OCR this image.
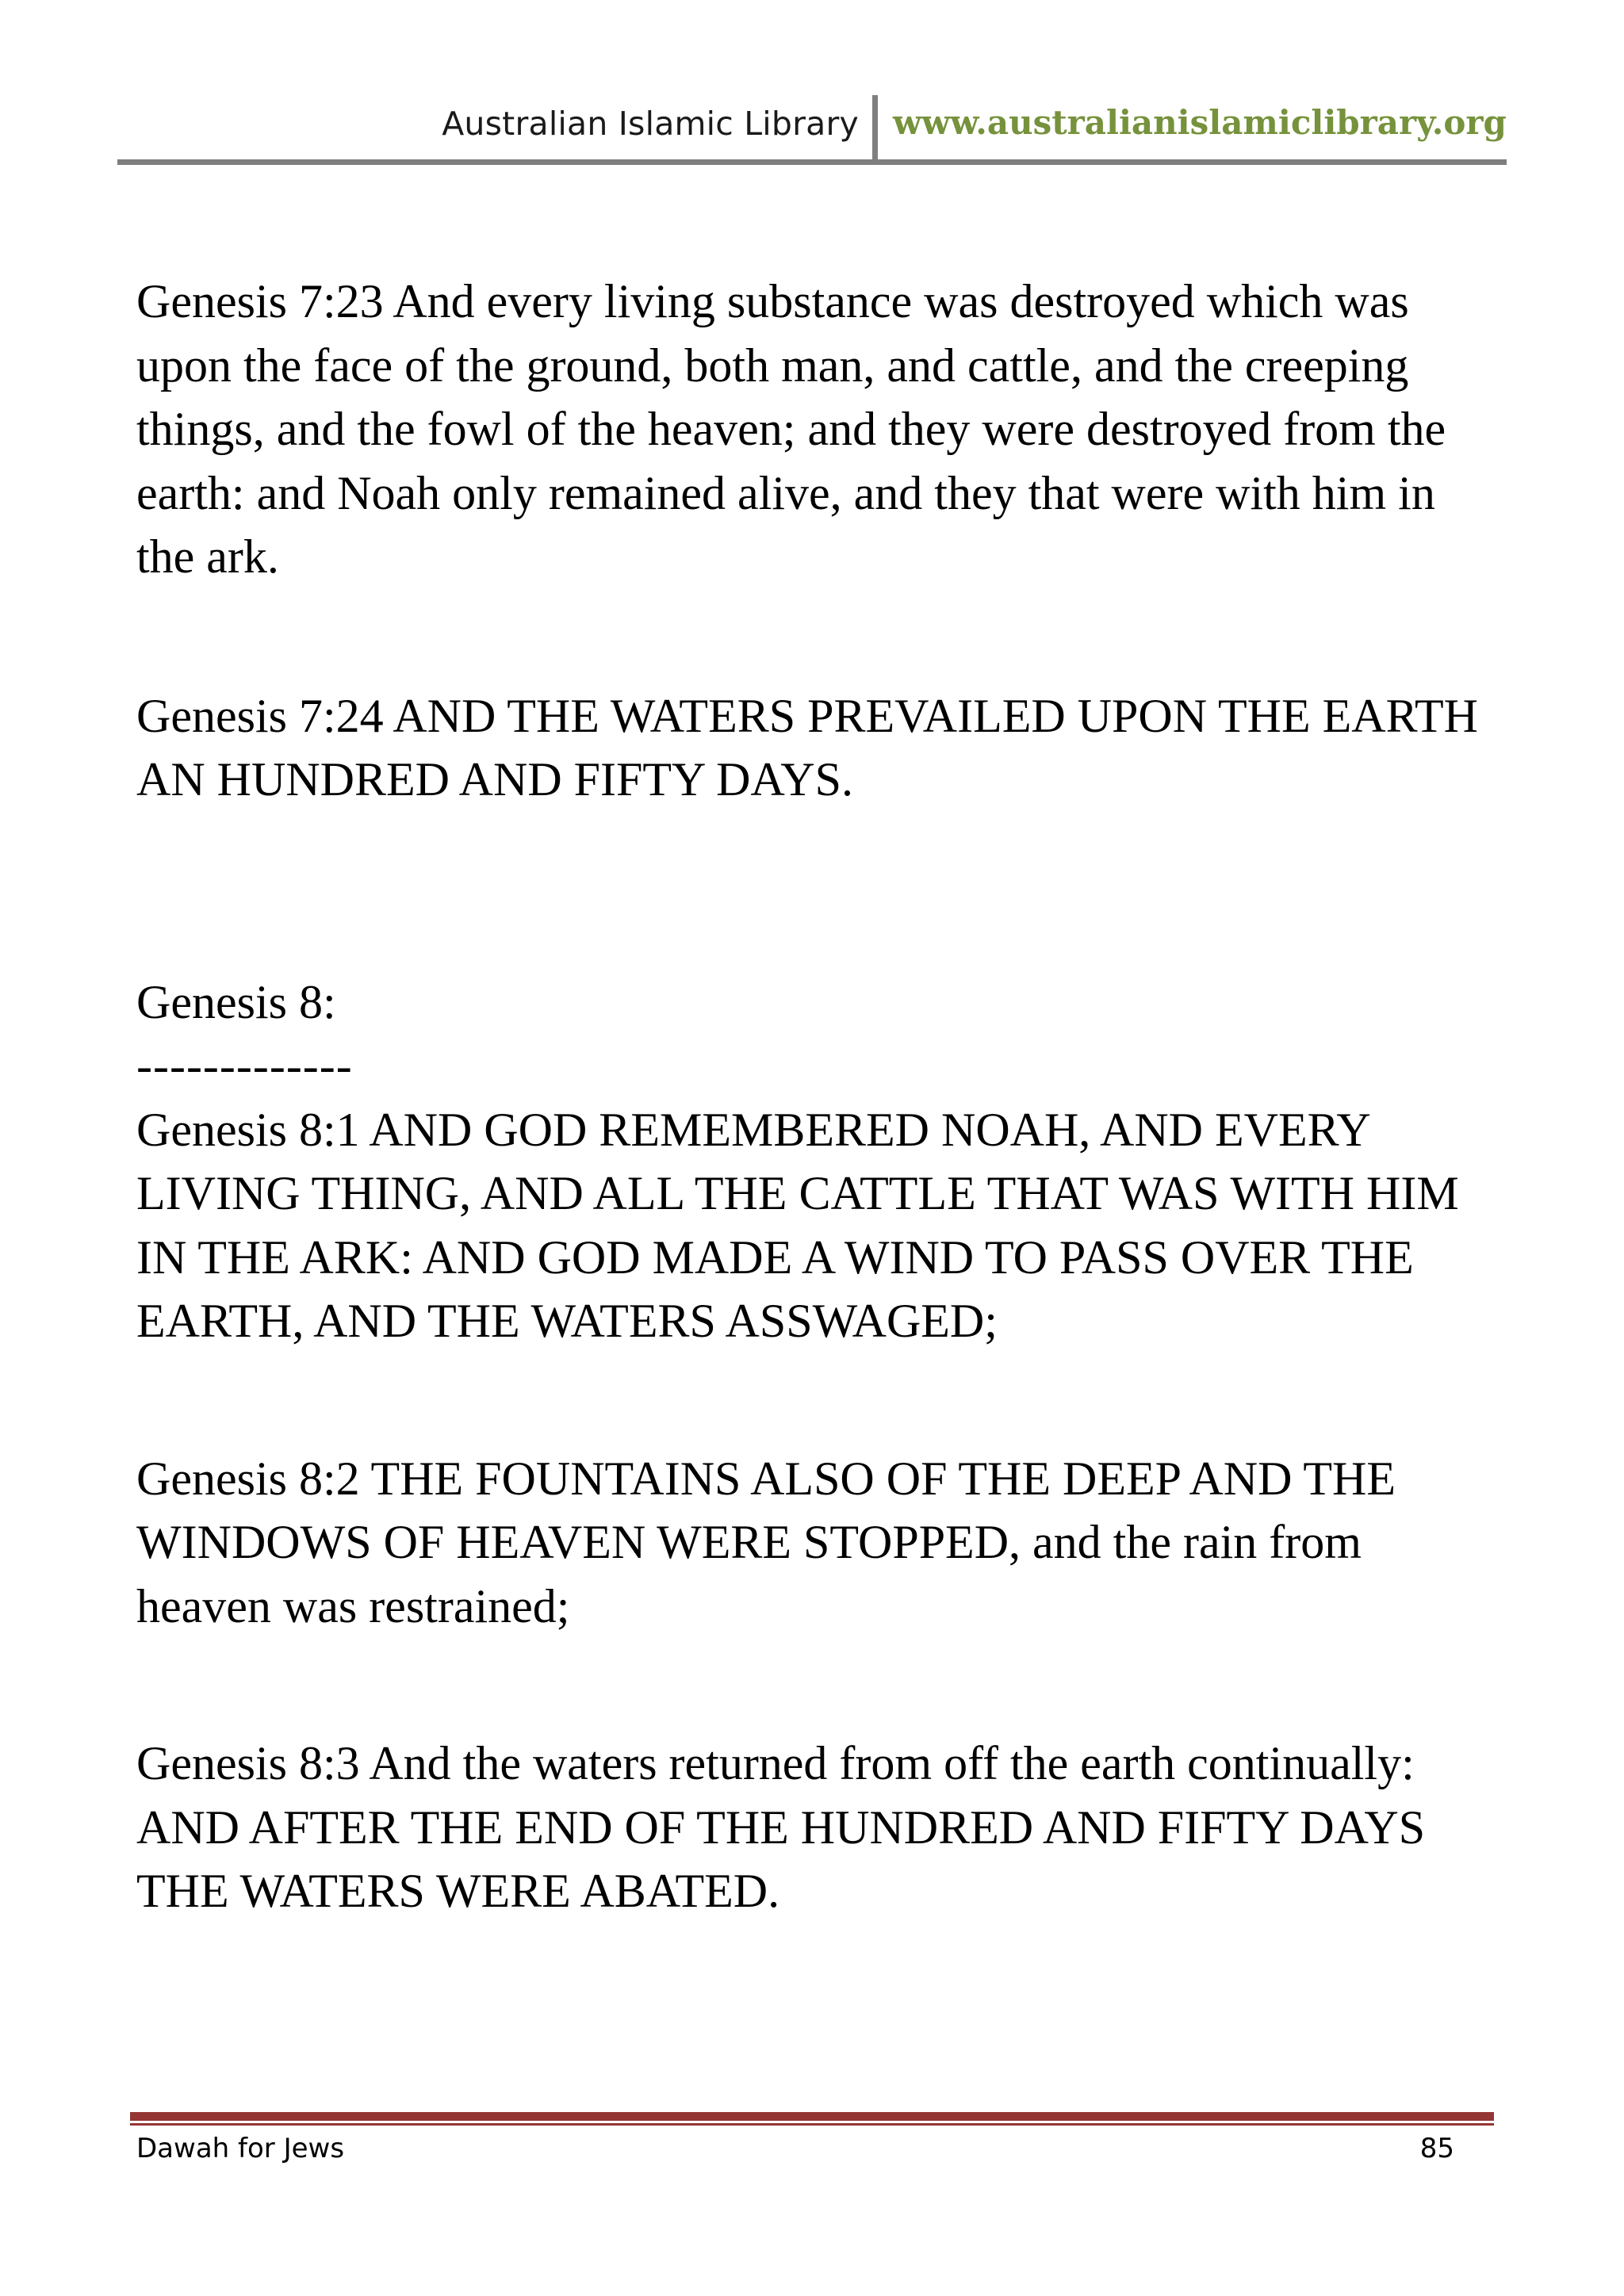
Australian Islamic Library www.australianislamiclibrary.org

Genesis 7:23 And every living substance was destroyed which was upon the face of the ground, both man, and cattle, and the creeping things, and the fowl of the heaven; and they were destroyed from the earth: and Noah only remained alive, and they that were with him in the ark.

Genesis 7:24 AND THE WATERS PREVAILED UPON THE EARTH AN HUNDRED AND FIFTY DAYS.

Genesis 8:

-------------

Genesis 8:1 AND GOD REMEMBERED NOAH, AND EVERY LIVING THING, AND ALL THE CATTLE THAT WAS WITH HIM IN THE ARK: AND GOD MADE A WIND TO PASS OVER THE EARTH, AND THE WATERS ASSWAGED;

Genesis 8:2 THE FOUNTAINS ALSO OF THE DEEP AND THE WINDOWS OF HEAVEN WERE STOPPED, and the rain from heaven was restrained;

Genesis 8:3 And the waters returned from off the earth continually: AND AFTER THE END OF THE HUNDRED AND FIFTY DAYS THE WATERS WERE ABATED.

Dawah for Jews	85
